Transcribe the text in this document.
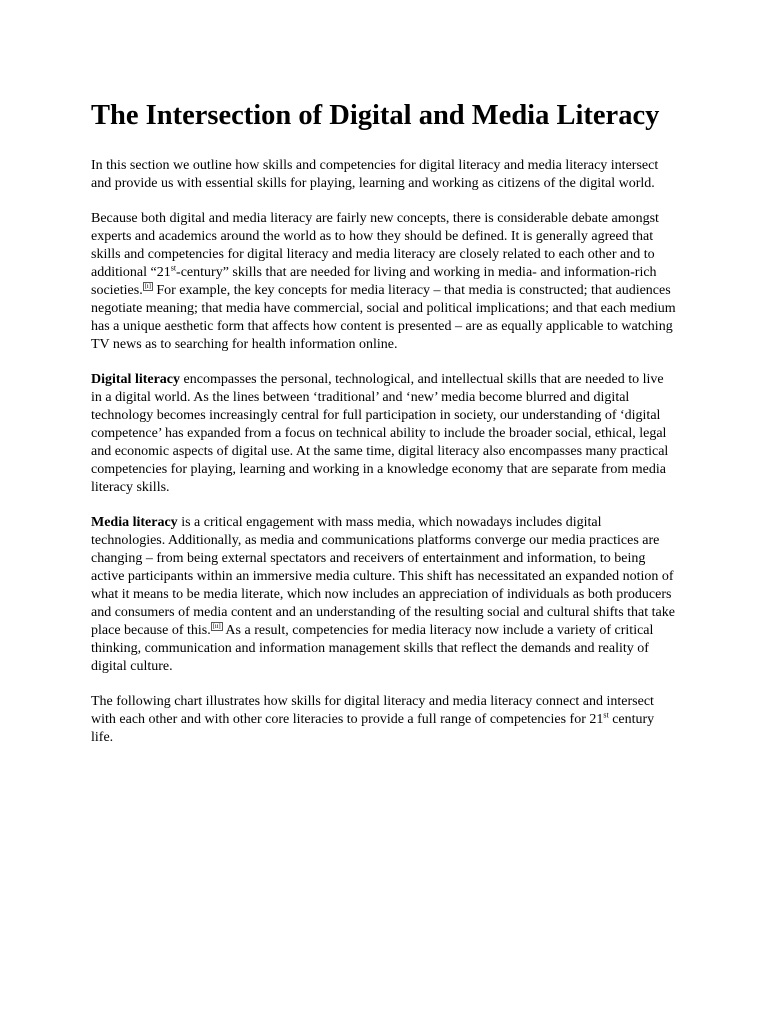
The Intersection of Digital and Media Literacy

In this section we outline how skills and competencies for digital literacy and media literacy intersect and provide us with essential skills for playing, learning and working as citizens of the digital world.

Because both digital and media literacy are fairly new concepts, there is considerable debate amongst experts and academics around the world as to how they should be defined. It is generally agreed that skills and competencies for digital literacy and media literacy are closely related to each other and to additional “21st-century” skills that are needed for living and working in media- and information-rich societies. [i] For example, the key concepts for media literacy – that media is constructed; that audiences negotiate meaning; that media have commercial, social and political implications; and that each medium has a unique aesthetic form that affects how content is presented – are as equally applicable to watching TV news as to searching for health information online.

Digital literacy encompasses the personal, technological, and intellectual skills that are needed to live in a digital world. As the lines between ‘traditional’ and ‘new’ media become blurred and digital technology becomes increasingly central for full participation in society, our understanding of ‘digital competence’ has expanded from a focus on technical ability to include the broader social, ethical, legal and economic aspects of digital use. At the same time, digital literacy also encompasses many practical competencies for playing, learning and working in a knowledge economy that are separate from media literacy skills.

Media literacy is a critical engagement with mass media, which nowadays includes digital technologies. Additionally, as media and communications platforms converge our media practices are changing – from being external spectators and receivers of entertainment and information, to being active participants within an immersive media culture. This shift has necessitated an expanded notion of what it means to be media literate, which now includes an appreciation of individuals as both producers and consumers of media content and an understanding of the resulting social and cultural shifts that take place because of this. [ii] As a result, competencies for media literacy now include a variety of critical thinking, communication and information management skills that reflect the demands and reality of digital culture.

The following chart illustrates how skills for digital literacy and media literacy connect and intersect with each other and with other core literacies to provide a full range of competencies for 21st century life.
